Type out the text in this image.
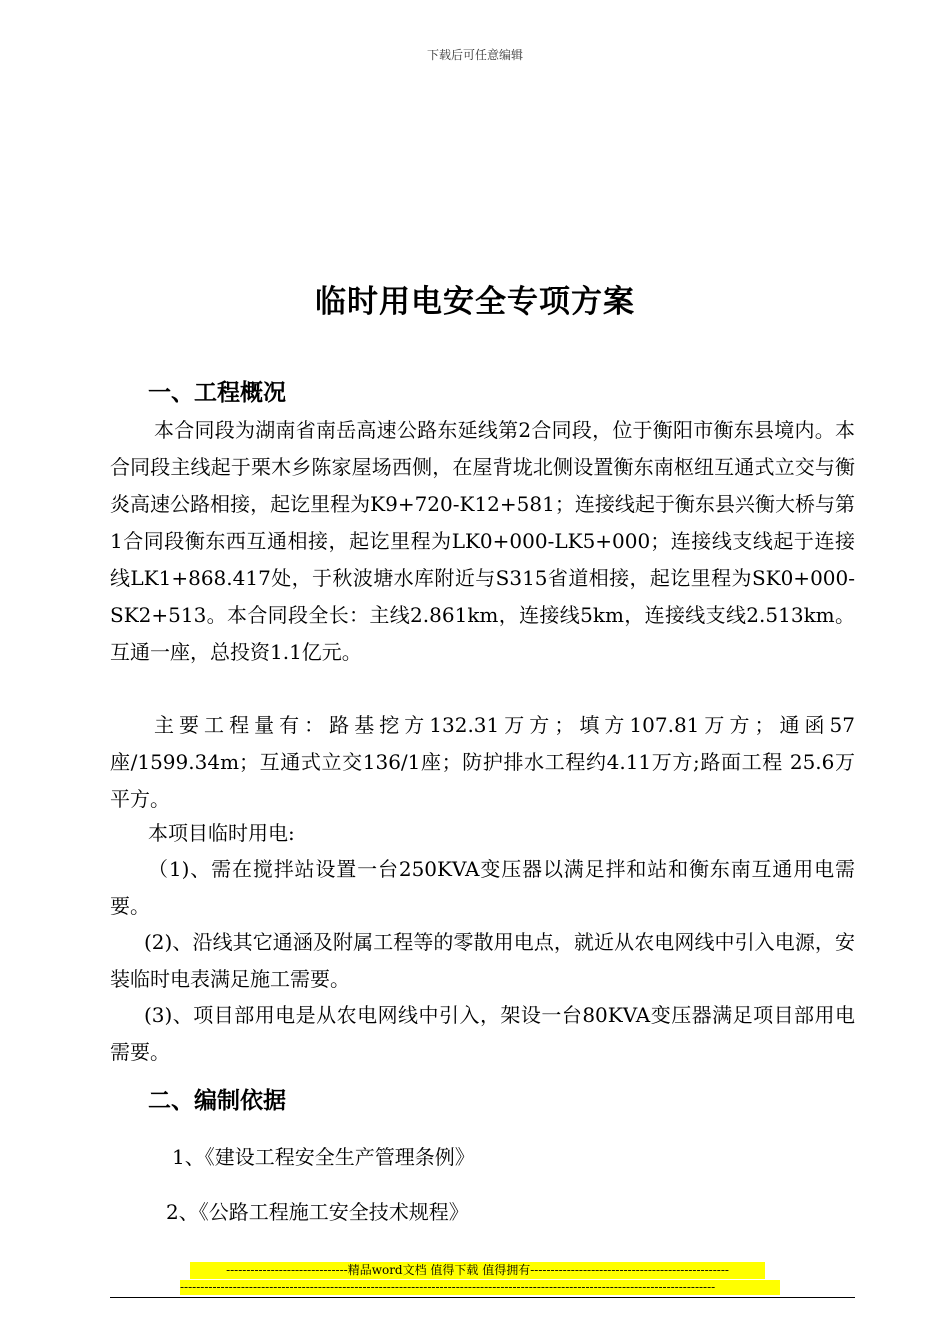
下载后可任意编辑
临时用电安全专项方案
一、工程概况
本合同段为湖南省南岳高速公路东延线第2合同段，位于衡阳市衡东县境内。本合同段主线起于栗木乡陈家屋场西侧，在屋背垅北侧设置衡东南枢纽互通式立交与衡炎高速公路相接，起讫里程为K9+720-K12+581；连接线起于衡东县兴衡大桥与第1合同段衡东西互通相接，起讫里程为LK0+000-LK5+000；连接线支线起于连接线LK1+868.417处，于秋波塘水库附近与S315省道相接，起讫里程为SK0+000-SK2+513。本合同段全长：主线2.861km，连接线5km，连接线支线2.513km。互通一座，总投资1.1亿元。
主要工程量有：路基挖方132.31万方；填方107.81万方；通函57座/1599.34m；互通式立交136/1座；防护排水工程约4.11万方;路面工程 25.6万平方。
本项目临时用电:
（1)、需在搅拌站设置一台250KVA变压器以满足拌和站和衡东南互通用电需要。
(2)、沿线其它通涵及附属工程等的零散用电点，就近从农电网线中引入电源，安装临时电表满足施工需要。
(3)、项目部用电是从农电网线中引入，架设一台80KVA变压器满足项目部用电需要。
二、编制依据
1、《建设工程安全生产管理条例》
2、《公路工程施工安全技术规程》
------------------------------精品word文档 值得下载 值得拥有-------------------------------------------------
------------------------------------------------------------------------------------------------------------------------------------
